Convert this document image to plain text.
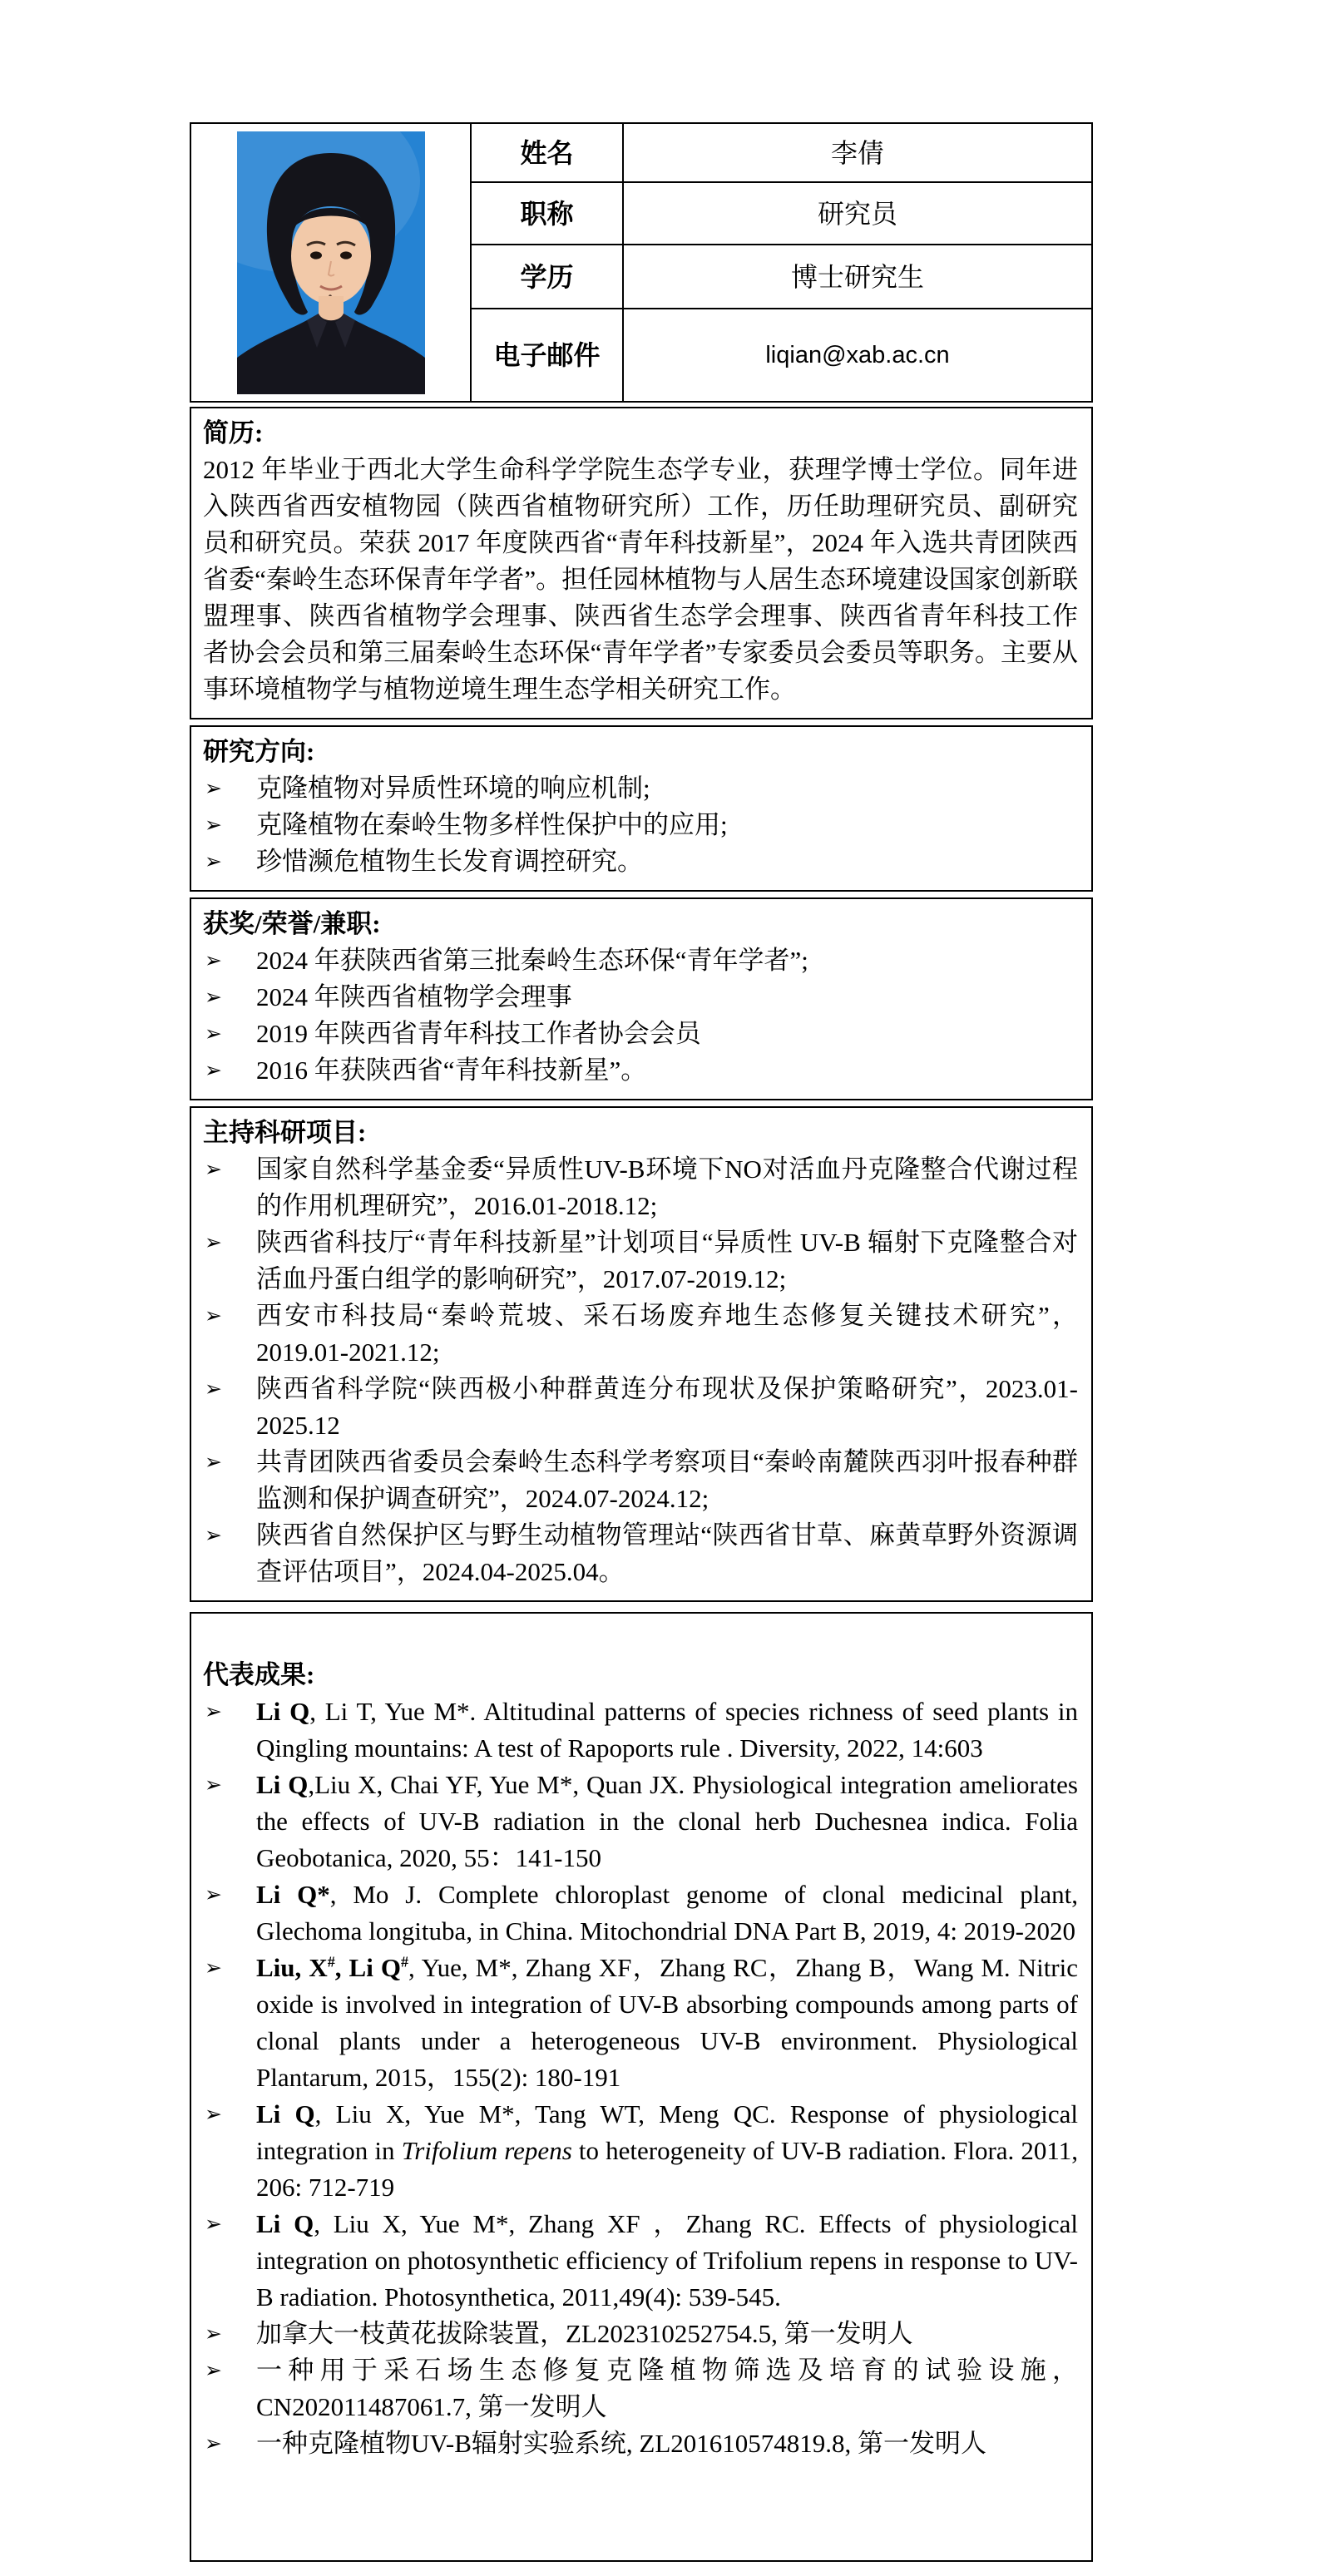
姓名	李倩
职称	研究员
学历	博士研究生
电子邮件	liqian@xab.ac.cn
简历:
2012 年毕业于西北大学生命科学学院生态学专业，获理学博士学位。同年进入陕西省西安植物园（陕西省植物研究所）工作，历任助理研究员、副研究员和研究员。荣获 2017 年度陕西省“青年科技新星”，2024 年入选共青团陕西省委“秦岭生态环保青年学者”。担任园林植物与人居生态环境建设国家创新联盟理事、陕西省植物学会理事、陕西省生态学会理事、陕西省青年科技工作者协会会员和第三届秦岭生态环保“青年学者”专家委员会委员等职务。主要从事环境植物学与植物逆境生理生态学相关研究工作。
研究方向:
➢	克隆植物对异质性环境的响应机制;
➢	克隆植物在秦岭生物多样性保护中的应用;
➢	珍惜濒危植物生长发育调控研究。
获奖/荣誉/兼职:
➢	2024 年获陕西省第三批秦岭生态环保“青年学者”;
➢	2024 年陕西省植物学会理事
➢	2019 年陕西省青年科技工作者协会会员
➢	2016 年获陕西省“青年科技新星”。
主持科研项目:
➢	国家自然科学基金委“异质性UV-B环境下NO对活血丹克隆整合代谢过程的作用机理研究”，2016.01-2018.12;
➢	陕西省科技厅“青年科技新星”计划项目“异质性 UV-B 辐射下克隆整合对活血丹蛋白组学的影响研究”，2017.07-2019.12;
➢	西安市科技局“秦岭荒坡、采石场废弃地生态修复关键技术研究”，2019.01-2021.12;
➢	陕西省科学院“陕西极小种群黄连分布现状及保护策略研究”，2023.01-2025.12
➢	共青团陕西省委员会秦岭生态科学考察项目“秦岭南麓陕西羽叶报春种群监测和保护调查研究”，2024.07-2024.12;
➢	陕西省自然保护区与野生动植物管理站“陕西省甘草、麻黄草野外资源调查评估项目”，2024.04-2025.04。
代表成果:
➢	Li Q, Li T, Yue M*. Altitudinal patterns of species richness of seed plants in Qingling mountains: A test of Rapoports rule . Diversity, 2022, 14:603
➢	Li Q,Liu X, Chai YF, Yue M*, Quan JX. Physiological integration ameliorates the effects of UV-B radiation in the clonal herb Duchesnea indica. Folia Geobotanica, 2020, 55：141-150
➢	Li Q*, Mo J. Complete chloroplast genome of clonal medicinal plant, Glechoma longituba, in China. Mitochondrial DNA Part B, 2019, 4: 2019-2020
➢	Liu, X#, Li Q#, Yue, M*, Zhang XF，Zhang RC，Zhang B，Wang M. Nitric oxide is involved in integration of UV-B absorbing compounds among parts of clonal plants under a heterogeneous UV-B environment. Physiological Plantarum, 2015，155(2): 180-191
➢	Li Q, Liu X, Yue M*, Tang WT, Meng QC. Response of physiological integration in Trifolium repens to heterogeneity of UV-B radiation. Flora. 2011, 206: 712-719
➢	Li Q, Liu X, Yue M*, Zhang XF ，Zhang RC. Effects of physiological integration on photosynthetic efficiency of Trifolium repens in response to UV-B radiation. Photosynthetica, 2011,49(4): 539-545.
➢	加拿大一枝黄花拔除装置，ZL202310252754.5, 第一发明人
➢	一种用于采石场生态修复克隆植物筛选及培育的试验设施，CN202011487061.7, 第一发明人
➢	一种克隆植物UV-B辐射实验系统, ZL201610574819.8, 第一发明人
